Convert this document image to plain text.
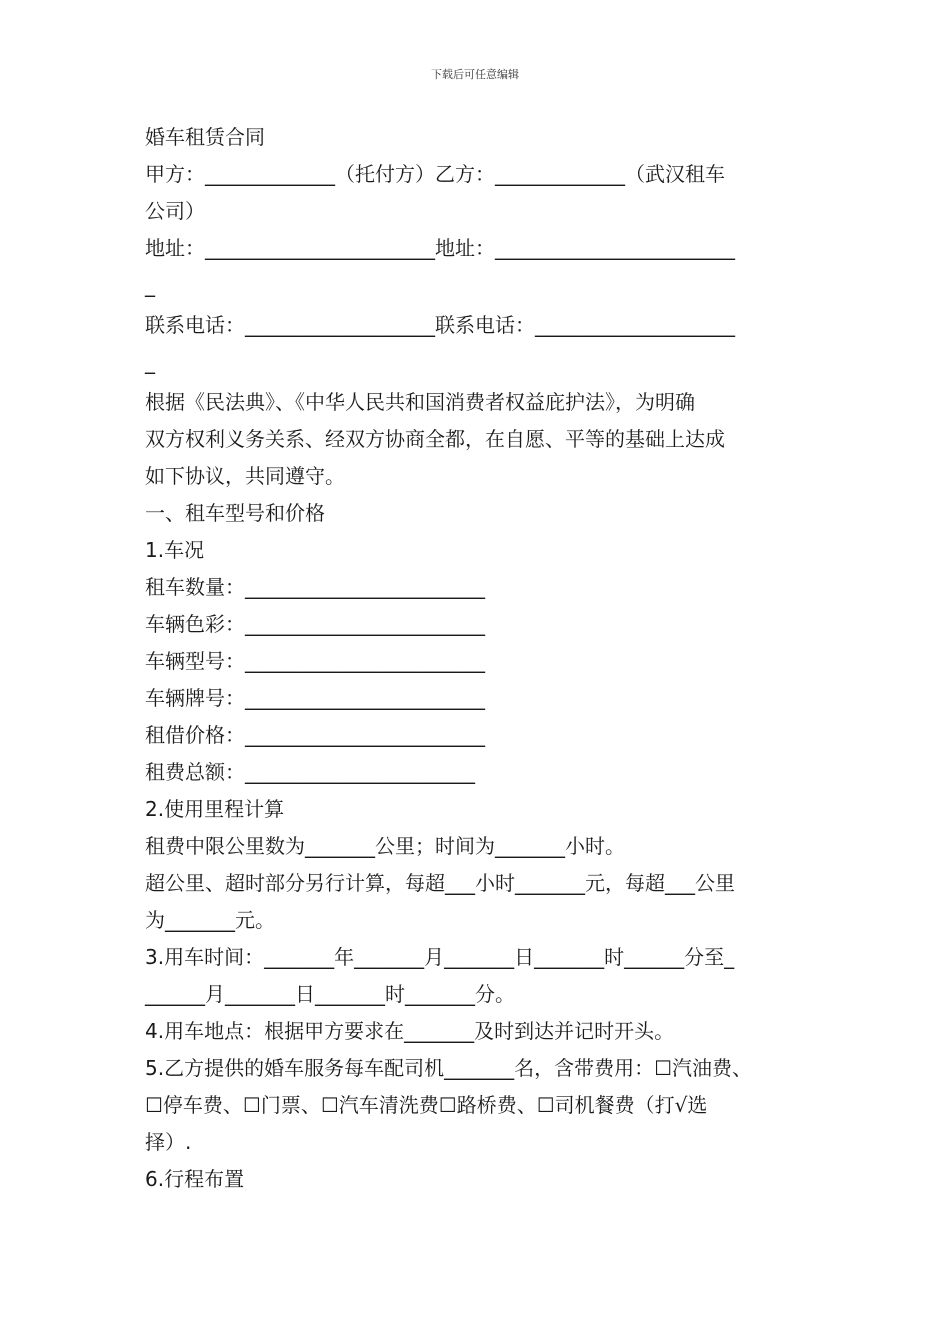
下载后可任意编辑
婚车租赁合同
甲方：_____________（托付方）乙方：_____________（武汉租车
公司）
地址：_______________________地址：________________________
_
联系电话：___________________联系电话：____________________
_
根据《民法典》、《中华人民共和国消费者权益庇护法》，为明确
双方权利义务关系、经双方协商全都，在自愿、平等的基础上达成
如下协议，共同遵守。
一、租车型号和价格
1.车况
租车数量：________________________
车辆色彩：________________________
车辆型号：________________________
车辆牌号：________________________
租借价格：________________________
租费总额：_______________________
2.使用里程计算
租费中限公里数为_______公里；时间为_______小时。
超公里、超时部分另行计算，每超___小时_______元，每超___公里
为_______元。
3.用车时间：_______年_______月_______日_______时______分至_
______月_______日_______时_______分。
4.用车地点：根据甲方要求在_______及时到达并记时开头。
5.乙方提供的婚车服务每车配司机_______名，含带费用：☐汽油费、
☐停车费、☐门票、☐汽车清洗费☐路桥费、☐司机餐费（打√选
择）.
6.行程布置
